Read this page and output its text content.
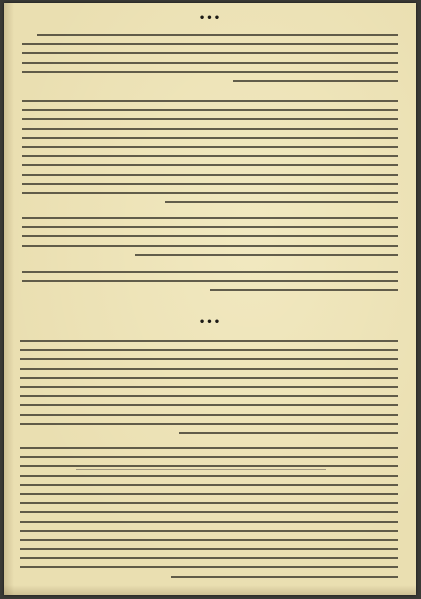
•••
•••
